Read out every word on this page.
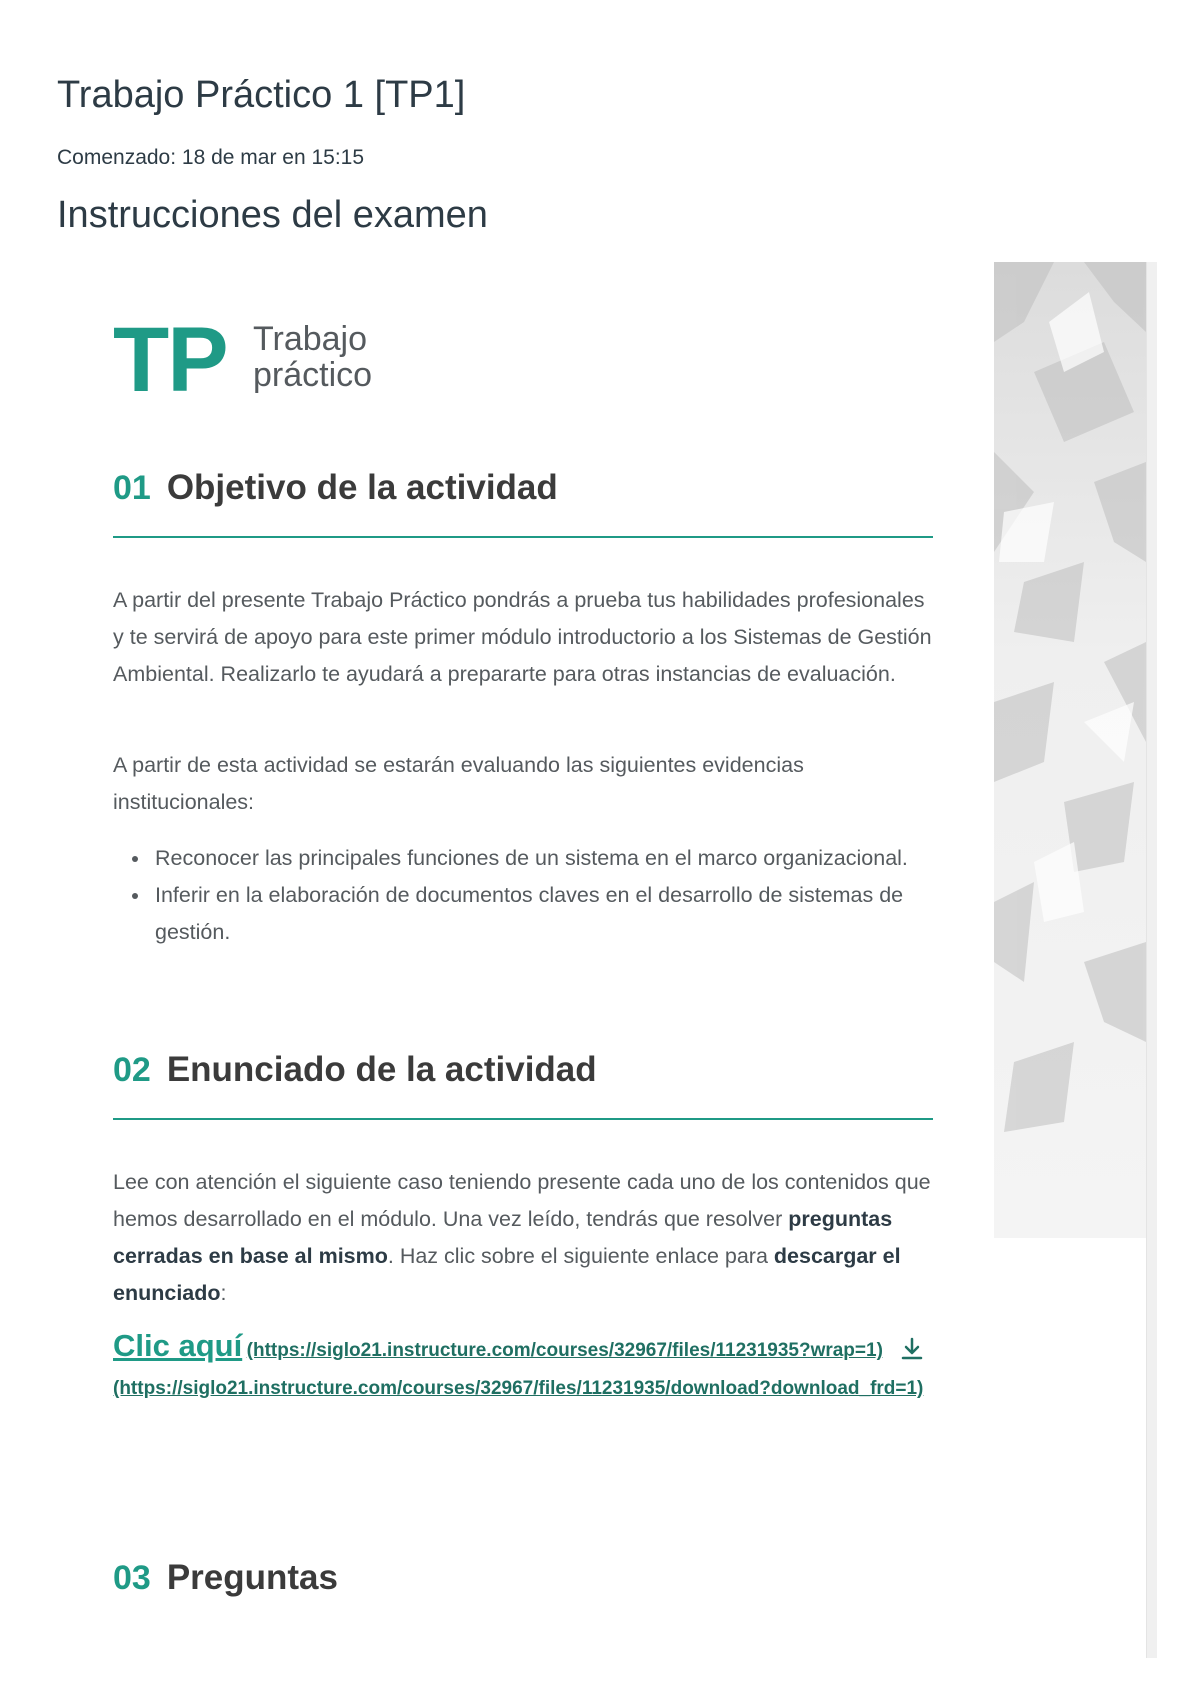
Trabajo Práctico 1 [TP1]
Comenzado: 18 de mar en 15:15
Instrucciones del examen
TP Trabajo
práctico
01 Objetivo de la actividad

A partir del presente Trabajo Práctico pondrás a prueba tus habilidades profesionales y te servirá de apoyo para este primer módulo introductorio a los Sistemas de Gestión Ambiental. Realizarlo te ayudará a prepararte para otras instancias de evaluación.

A partir de esta actividad se estarán evaluando las siguientes evidencias institucionales:

• Reconocer las principales funciones de un sistema en el marco organizacional.
• Inferir en la elaboración de documentos claves en el desarrollo de sistemas de gestión.
02 Enunciado de la actividad

Lee con atención el siguiente caso teniendo presente cada uno de los contenidos que hemos desarrollado en el módulo. Una vez leído, tendrás que resolver preguntas cerradas en base al mismo. Haz clic sobre el siguiente enlace para descargar el enunciado:

Clic aquí (https://siglo21.instructure.com/courses/32967/files/11231935?wrap=1)
(https://siglo21.instructure.com/courses/32967/files/11231935/download?download_frd=1)
03 Preguntas
